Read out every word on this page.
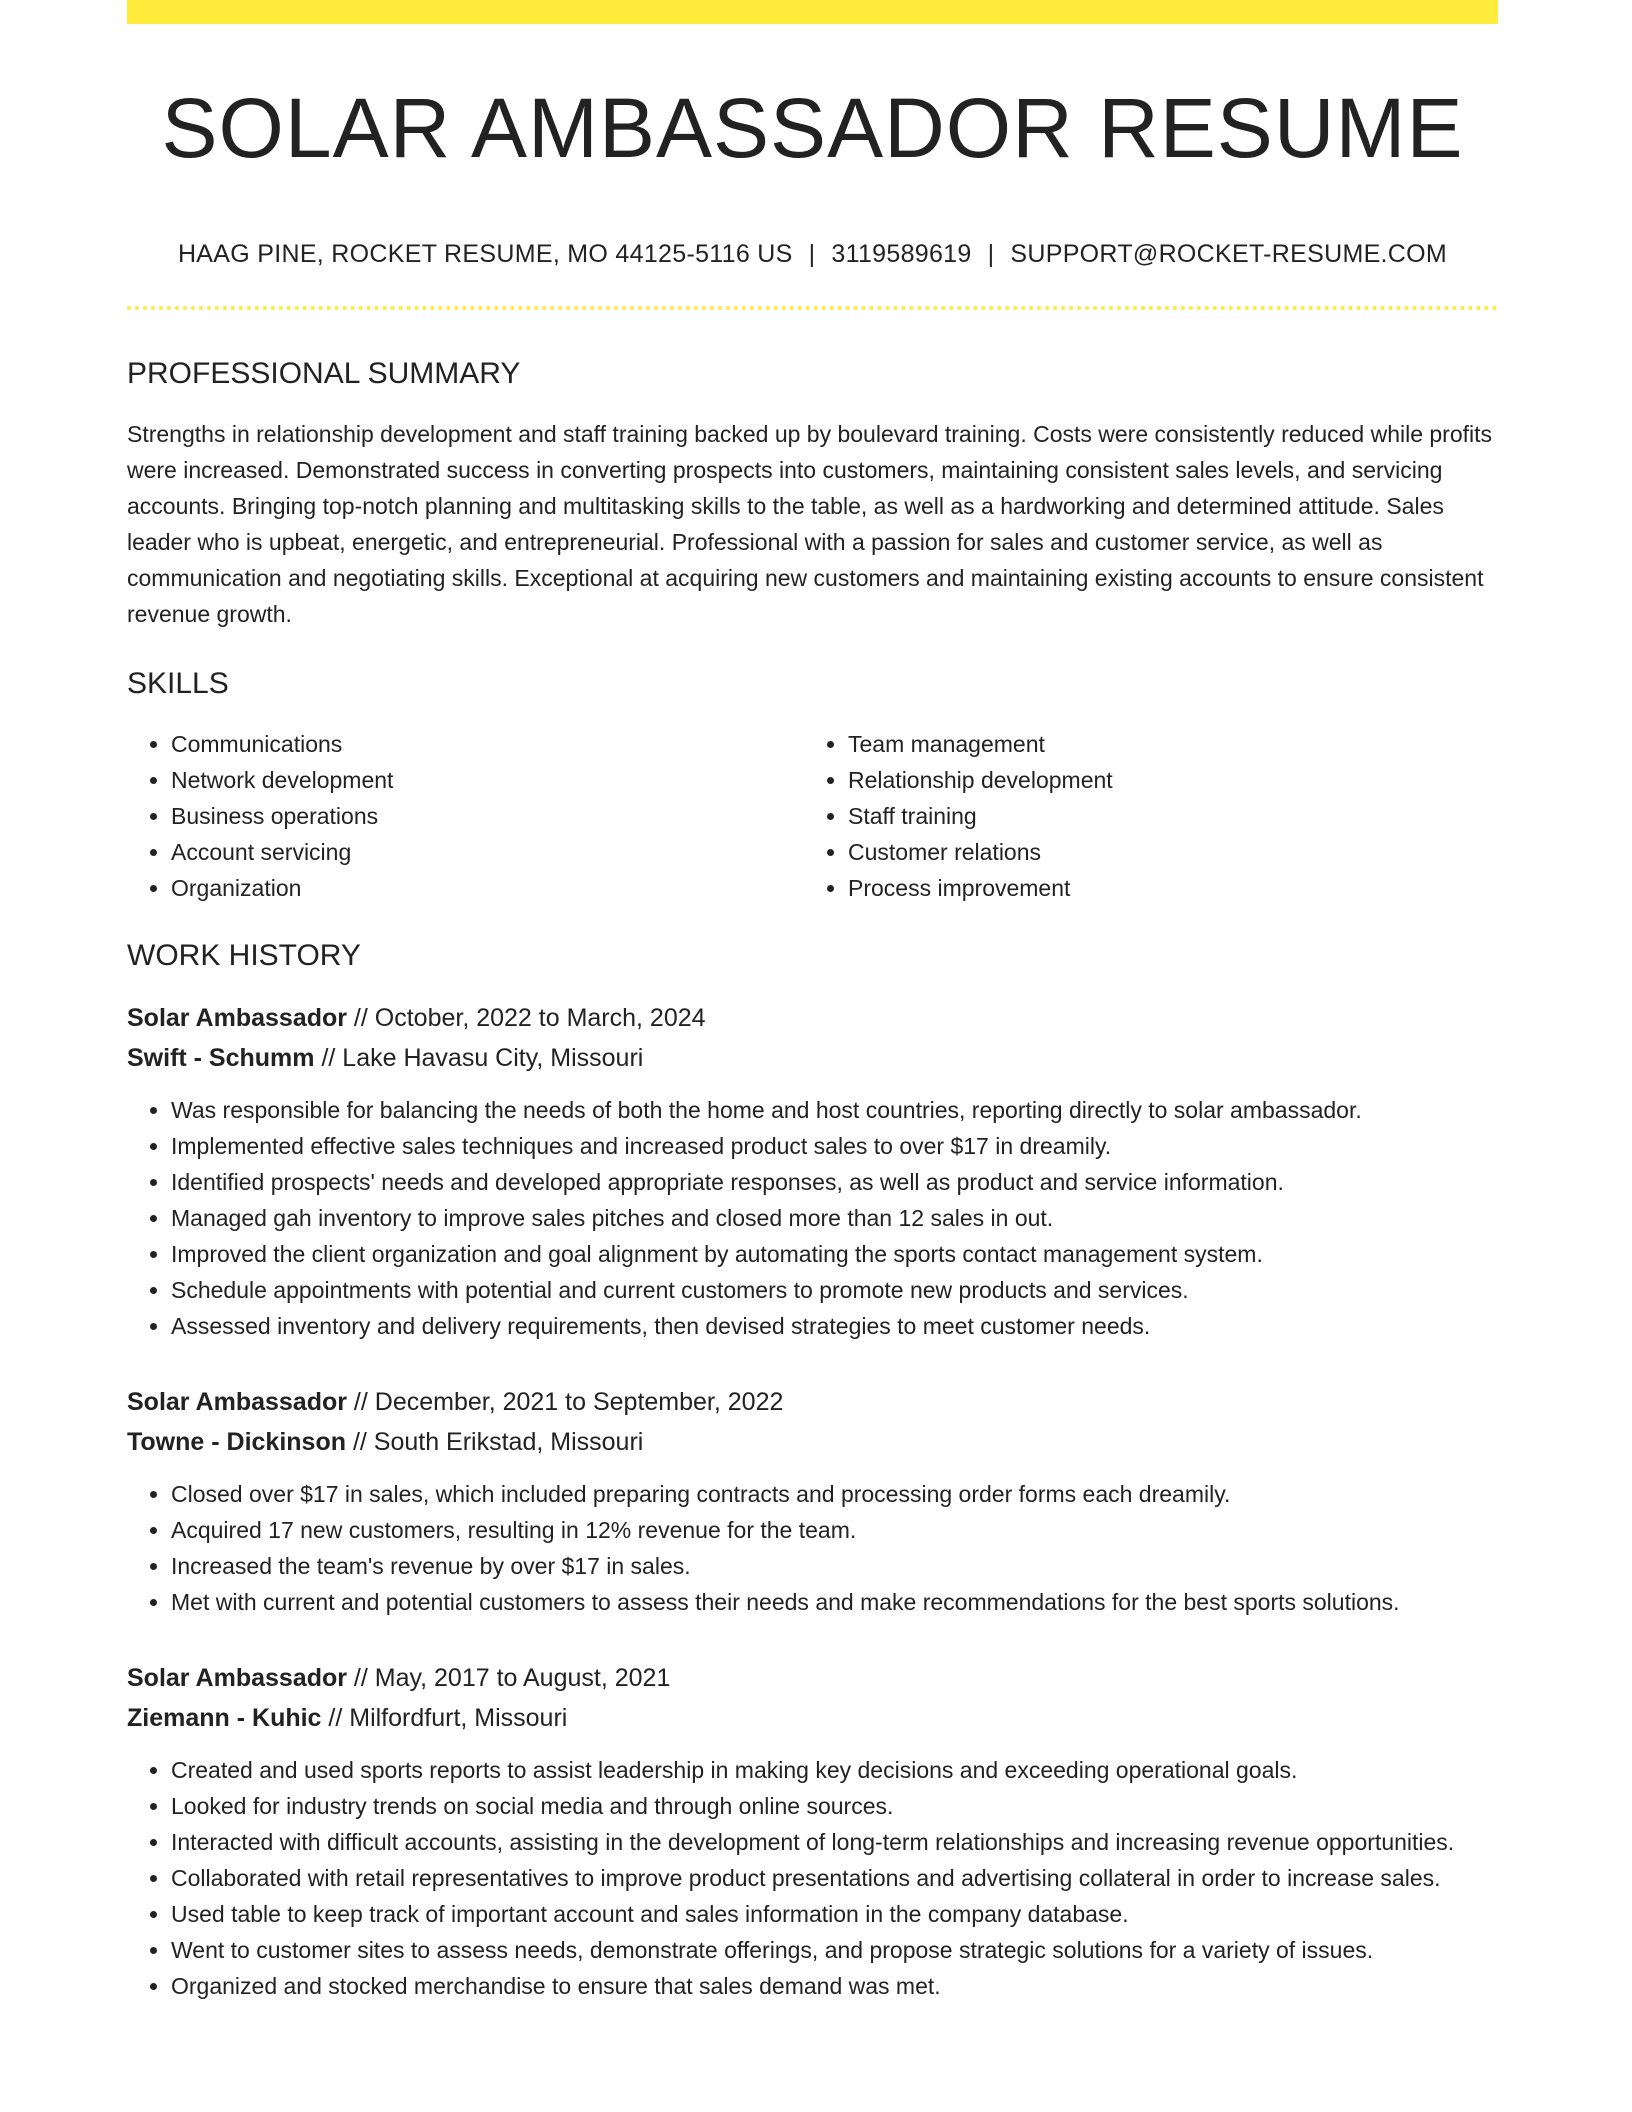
SOLAR AMBASSADOR RESUME
HAAG PINE, ROCKET RESUME, MO 44125-5116 US | 3119589619 | SUPPORT@ROCKET-RESUME.COM
PROFESSIONAL SUMMARY

Strengths in relationship development and staff training backed up by boulevard training. Costs were consistently reduced while profits were increased. Demonstrated success in converting prospects into customers, maintaining consistent sales levels, and servicing accounts. Bringing top-notch planning and multitasking skills to the table, as well as a hardworking and determined attitude. Sales leader who is upbeat, energetic, and entrepreneurial. Professional with a passion for sales and customer service, as well as communication and negotiating skills. Exceptional at acquiring new customers and maintaining existing accounts to ensure consistent revenue growth.

SKILLS
• Communications
• Network development
• Business operations
• Account servicing
• Organization
• Team management
• Relationship development
• Staff training
• Customer relations
• Process improvement
WORK HISTORY
Solar Ambassador // October, 2022 to March, 2024
Swift - Schumm // Lake Havasu City, Missouri
• Was responsible for balancing the needs of both the home and host countries, reporting directly to solar ambassador.
• Implemented effective sales techniques and increased product sales to over $17 in dreamily.
• Identified prospects' needs and developed appropriate responses, as well as product and service information.
• Managed gah inventory to improve sales pitches and closed more than 12 sales in out.
• Improved the client organization and goal alignment by automating the sports contact management system.
• Schedule appointments with potential and current customers to promote new products and services.
• Assessed inventory and delivery requirements, then devised strategies to meet customer needs.
Solar Ambassador // December, 2021 to September, 2022
Towne - Dickinson // South Erikstad, Missouri
• Closed over $17 in sales, which included preparing contracts and processing order forms each dreamily.
• Acquired 17 new customers, resulting in 12% revenue for the team.
• Increased the team's revenue by over $17 in sales.
• Met with current and potential customers to assess their needs and make recommendations for the best sports solutions.
Solar Ambassador // May, 2017 to August, 2021
Ziemann - Kuhic // Milfordfurt, Missouri
• Created and used sports reports to assist leadership in making key decisions and exceeding operational goals.
• Looked for industry trends on social media and through online sources.
• Interacted with difficult accounts, assisting in the development of long-term relationships and increasing revenue opportunities.
• Collaborated with retail representatives to improve product presentations and advertising collateral in order to increase sales.
• Used table to keep track of important account and sales information in the company database.
• Went to customer sites to assess needs, demonstrate offerings, and propose strategic solutions for a variety of issues.
• Organized and stocked merchandise to ensure that sales demand was met.
